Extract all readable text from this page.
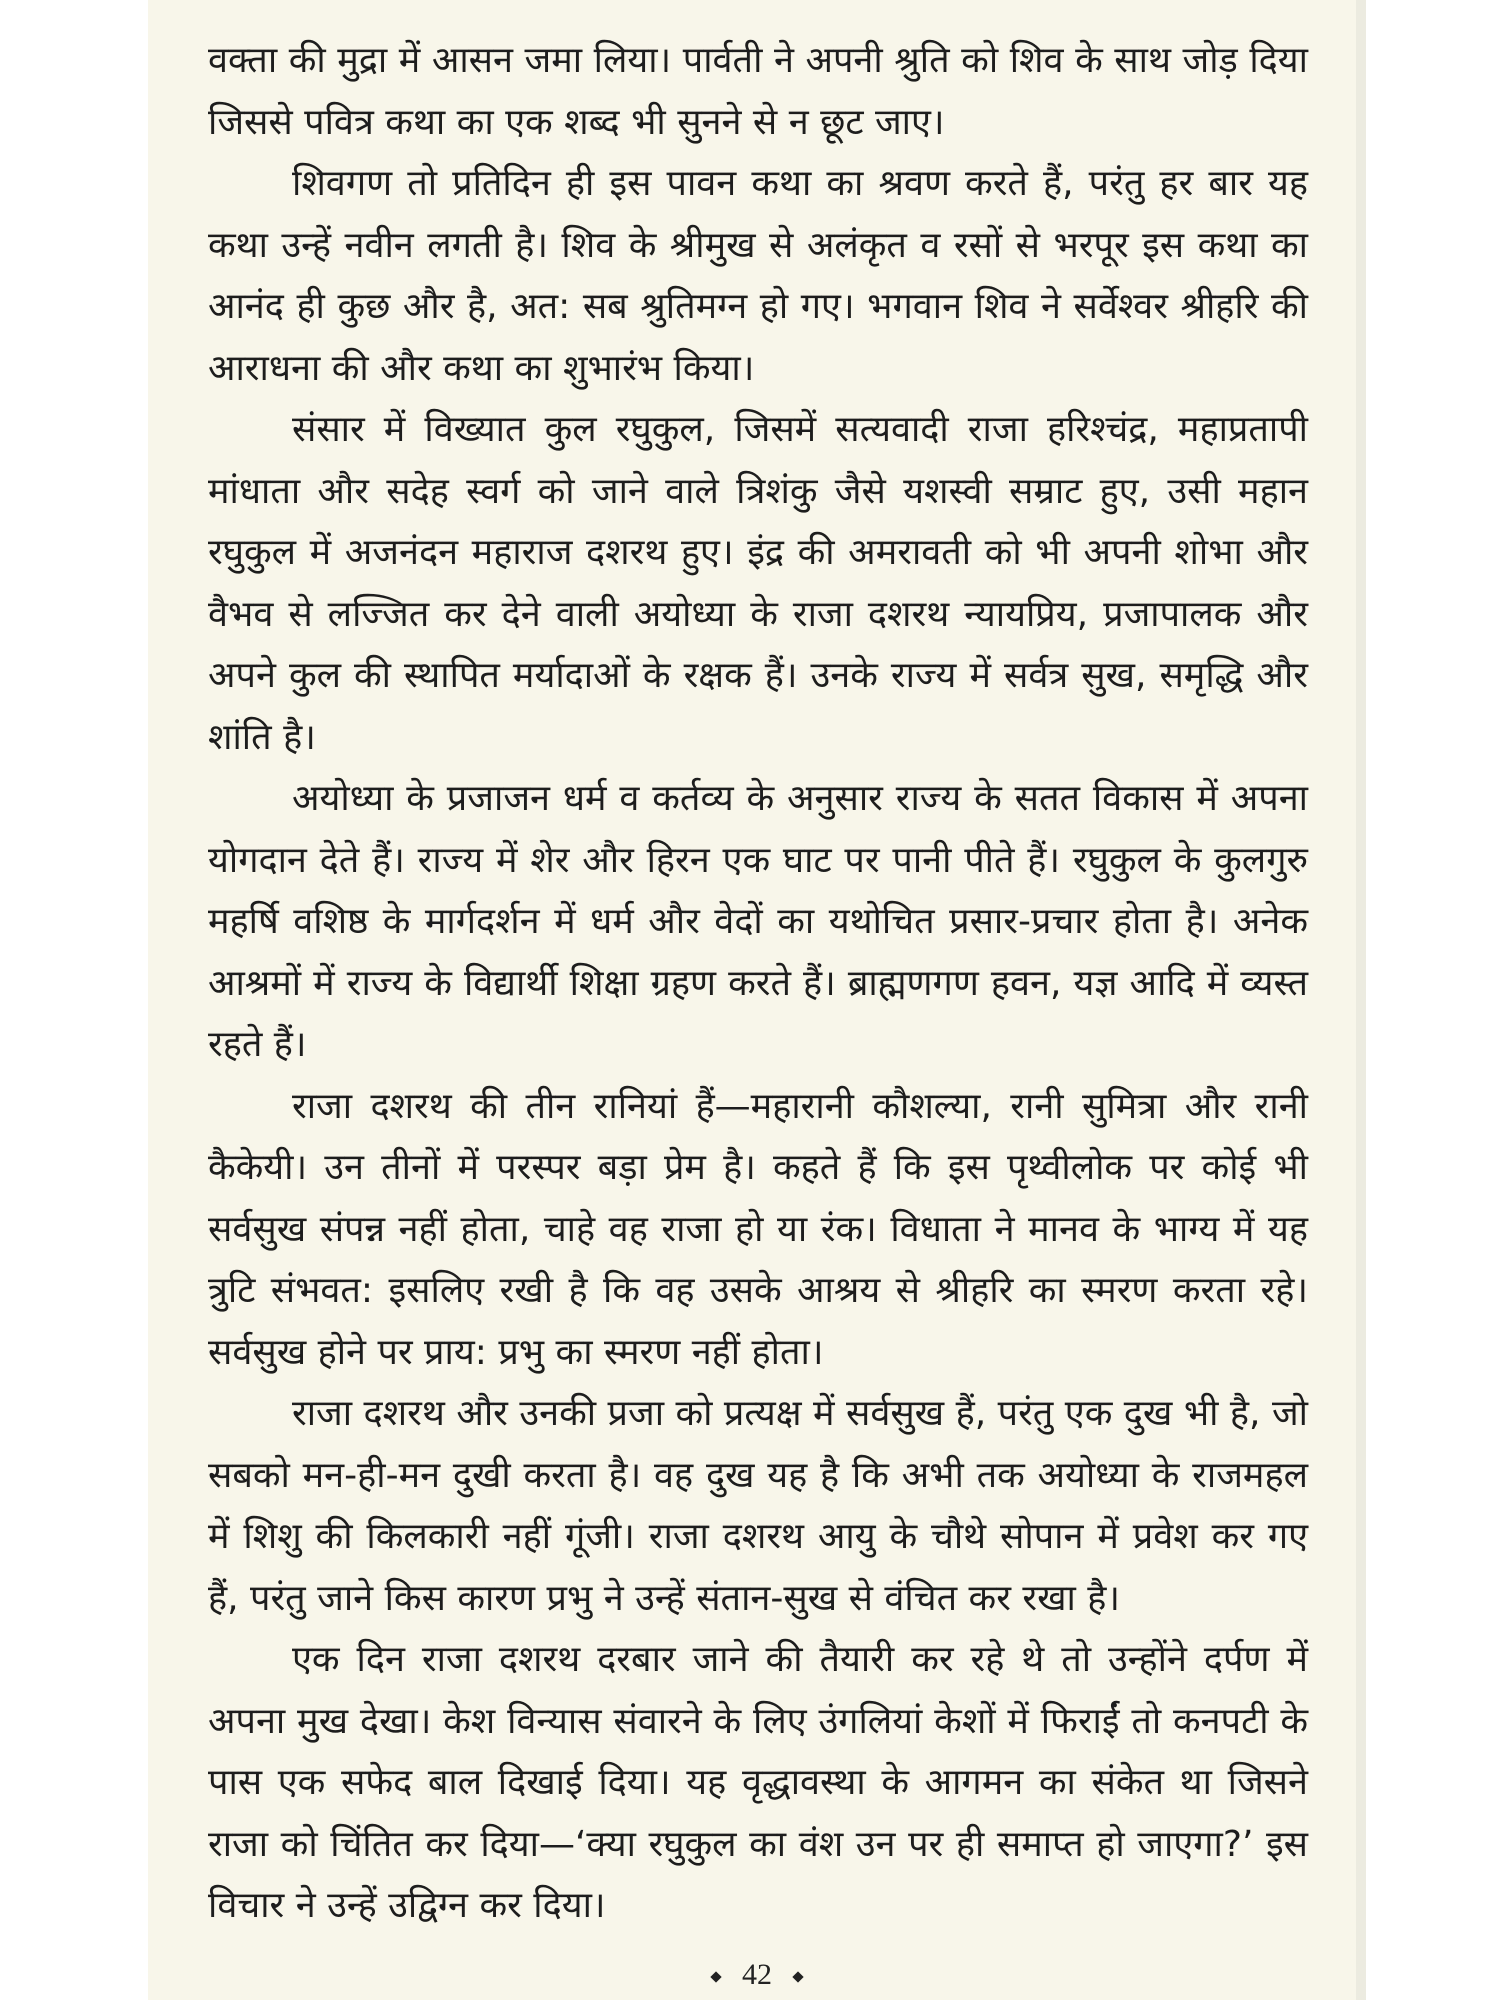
वक्ता की मुद्रा में आसन जमा लिया। पार्वती ने अपनी श्रुति को शिव के साथ जोड़ दिया जिससे पवित्र कथा का एक शब्द भी सुनने से न छूट जाए।

शिवगण तो प्रतिदिन ही इस पावन कथा का श्रवण करते हैं, परंतु हर बार यह कथा उन्हें नवीन लगती है। शिव के श्रीमुख से अलंकृत व रसों से भरपूर इस कथा का आनंद ही कुछ और है, अत: सब श्रुतिमग्न हो गए। भगवान शिव ने सर्वेश्वर श्रीहरि की आराधना की और कथा का शुभारंभ किया।

संसार में विख्यात कुल रघुकुल, जिसमें सत्यवादी राजा हरिश्चंद्र, महाप्रतापी मांधाता और सदेह स्वर्ग को जाने वाले त्रिशंकु जैसे यशस्वी सम्राट हुए, उसी महान रघुकुल में अजनंदन महाराज दशरथ हुए। इंद्र की अमरावती को भी अपनी शोभा और वैभव से लज्जित कर देने वाली अयोध्या के राजा दशरथ न्यायप्रिय, प्रजापालक और अपने कुल की स्थापित मर्यादाओं के रक्षक हैं। उनके राज्य में सर्वत्र सुख, समृद्धि और शांति है।

अयोध्या के प्रजाजन धर्म व कर्तव्य के अनुसार राज्य के सतत विकास में अपना योगदान देते हैं। राज्य में शेर और हिरन एक घाट पर पानी पीते हैं। रघुकुल के कुलगुरु महर्षि वशिष्ठ के मार्गदर्शन में धर्म और वेदों का यथोचित प्रसार-प्रचार होता है। अनेक आश्रमों में राज्य के विद्यार्थी शिक्षा ग्रहण करते हैं। ब्राह्मणगण हवन, यज्ञ आदि में व्यस्त रहते हैं।

राजा दशरथ की तीन रानियां हैं—महारानी कौशल्या, रानी सुमित्रा और रानी कैकेयी। उन तीनों में परस्पर बड़ा प्रेम है। कहते हैं कि इस पृथ्वीलोक पर कोई भी सर्वसुख संपन्न नहीं होता, चाहे वह राजा हो या रंक। विधाता ने मानव के भाग्य में यह त्रुटि संभवत: इसलिए रखी है कि वह उसके आश्रय से श्रीहरि का स्मरण करता रहे। सर्वसुख होने पर प्राय: प्रभु का स्मरण नहीं होता।

राजा दशरथ और उनकी प्रजा को प्रत्यक्ष में सर्वसुख हैं, परंतु एक दुख भी है, जो सबको मन-ही-मन दुखी करता है। वह दुख यह है कि अभी तक अयोध्या के राजमहल में शिशु की किलकारी नहीं गूंजी। राजा दशरथ आयु के चौथे सोपान में प्रवेश कर गए हैं, परंतु जाने किस कारण प्रभु ने उन्हें संतान-सुख से वंचित कर रखा है।

एक दिन राजा दशरथ दरबार जाने की तैयारी कर रहे थे तो उन्होंने दर्पण में अपना मुख देखा। केश विन्यास संवारने के लिए उंगलियां केशों में फिराईं तो कनपटी के पास एक सफेद बाल दिखाई दिया। यह वृद्धावस्था के आगमन का संकेत था जिसने राजा को चिंतित कर दिया—‘क्या रघुकुल का वंश उन पर ही समाप्त हो जाएगा?’ इस विचार ने उन्हें उद्विग्न कर दिया।

42
